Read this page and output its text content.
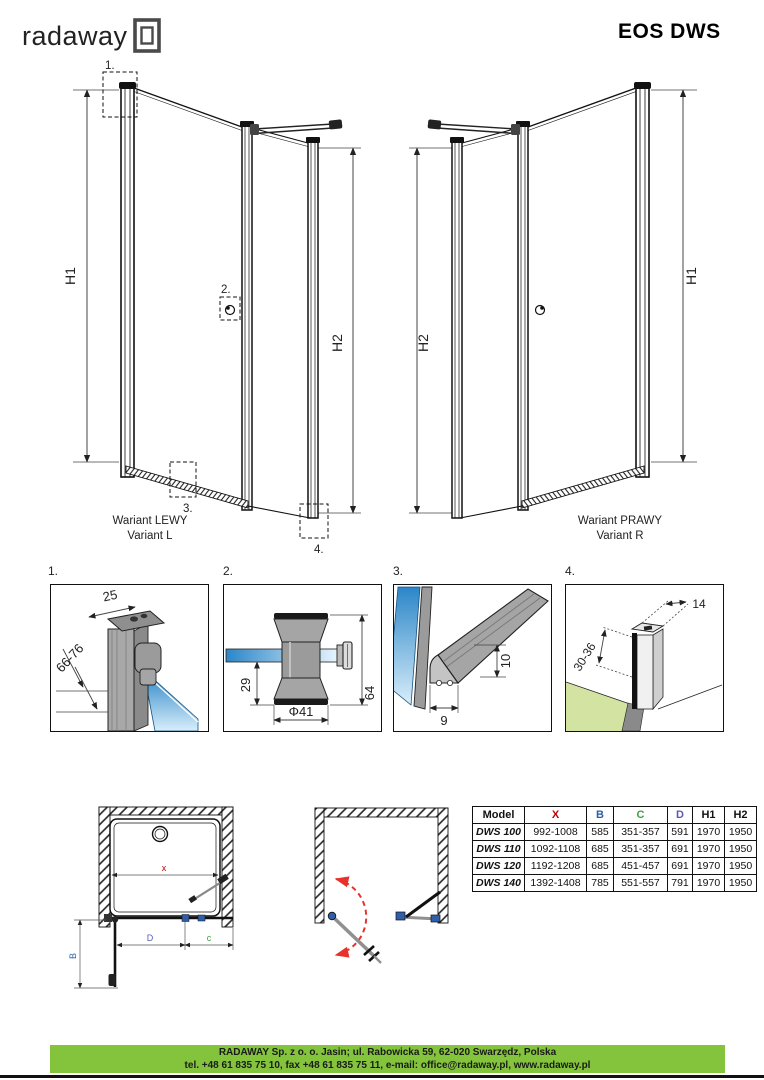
radaway	EOS DWS
1.
2.
3.
4.
H1
H2
Wariant LEWY
Variant L
H2
H1
Wariant PRAWY
Variant R
1.	2.	3.	4.
25
66-76
29
Φ41
64
9
10
14
30-36
x
B
D	c
Model	X	B	C	D	H1	H2
DWS 100	992-1008	585	351-357	591	1970	1950
DWS 110	1092-1108	685	351-357	691	1970	1950
DWS 120	1192-1208	685	451-457	691	1970	1950
DWS 140	1392-1408	785	551-557	791	1970	1950
RADAWAY Sp. z o. o. Jasin; ul. Rabowicka 59, 62-020 Swarzędz, Polska
tel. +48 61 835 75 10, fax +48 61 835 75 11, e-mail: office@radaway.pl, www.radaway.pl
